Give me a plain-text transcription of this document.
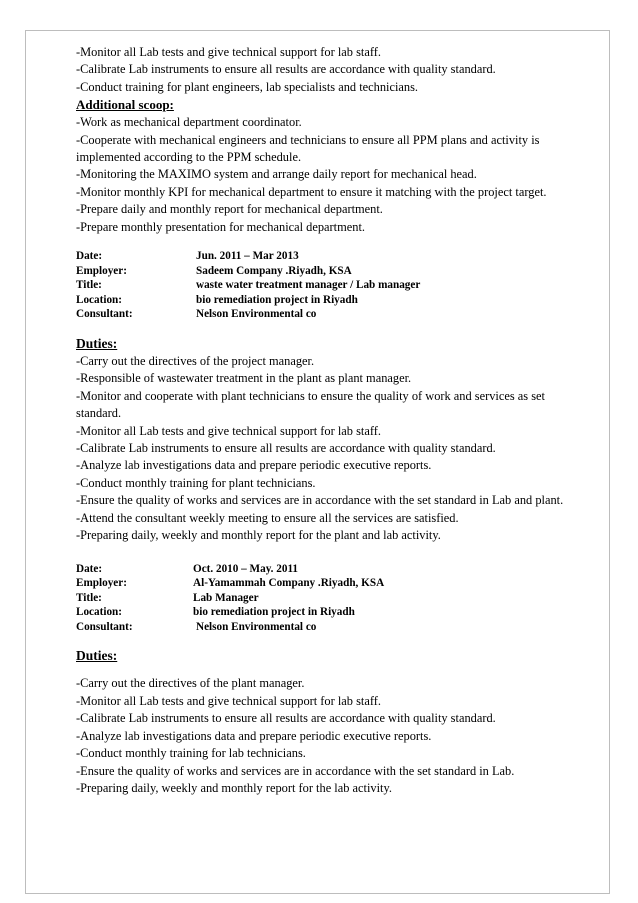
-Monitor all Lab tests and give technical support for lab staff.
-Calibrate Lab instruments to ensure all results are accordance with quality standard.
-Conduct training for plant engineers, lab specialists and technicians.
Additional scoop:
-Work as mechanical department coordinator.
-Cooperate with mechanical engineers and technicians to ensure all PPM plans and activity is implemented according to the PPM schedule.
-Monitoring the MAXIMO system and arrange daily report for mechanical head.
-Monitor monthly KPI for mechanical department to ensure it matching with the project target.
-Prepare daily and monthly report for mechanical department.
-Prepare monthly presentation for mechanical department.
Date:	Jun. 2011 – Mar 2013
Employer:	Sadeem Company .Riyadh, KSA
Title:	waste water treatment manager / Lab manager
Location:	bio remediation project in Riyadh
Consultant:	Nelson Environmental co
Duties:
-Carry out the directives of the project manager.
-Responsible of wastewater treatment in the plant as plant manager.
-Monitor and cooperate with plant technicians to ensure the quality of work and services as set standard.
-Monitor all Lab tests and give technical support for lab staff.
-Calibrate Lab instruments to ensure all results are accordance with quality standard.
-Analyze lab investigations data and prepare periodic executive reports.
-Conduct monthly training for plant technicians.
-Ensure the quality of works and services are in accordance with the set standard in Lab and plant.
-Attend the consultant weekly meeting to ensure all the services are satisfied.
-Preparing daily, weekly and monthly report for the plant and lab activity.
Date:	Oct. 2010 – May. 2011
Employer:	Al-Yamammah Company .Riyadh, KSA
Title:	Lab Manager
Location:	bio remediation project in Riyadh
Consultant:	Nelson Environmental co
Duties:
-Carry out the directives of the plant manager.
-Monitor all Lab tests and give technical support for lab staff.
-Calibrate Lab instruments to ensure all results are accordance with quality standard.
-Analyze lab investigations data and prepare periodic executive reports.
-Conduct monthly training for lab technicians.
-Ensure the quality of works and services are in accordance with the set standard in Lab.
-Preparing daily, weekly and monthly report for the lab activity.
